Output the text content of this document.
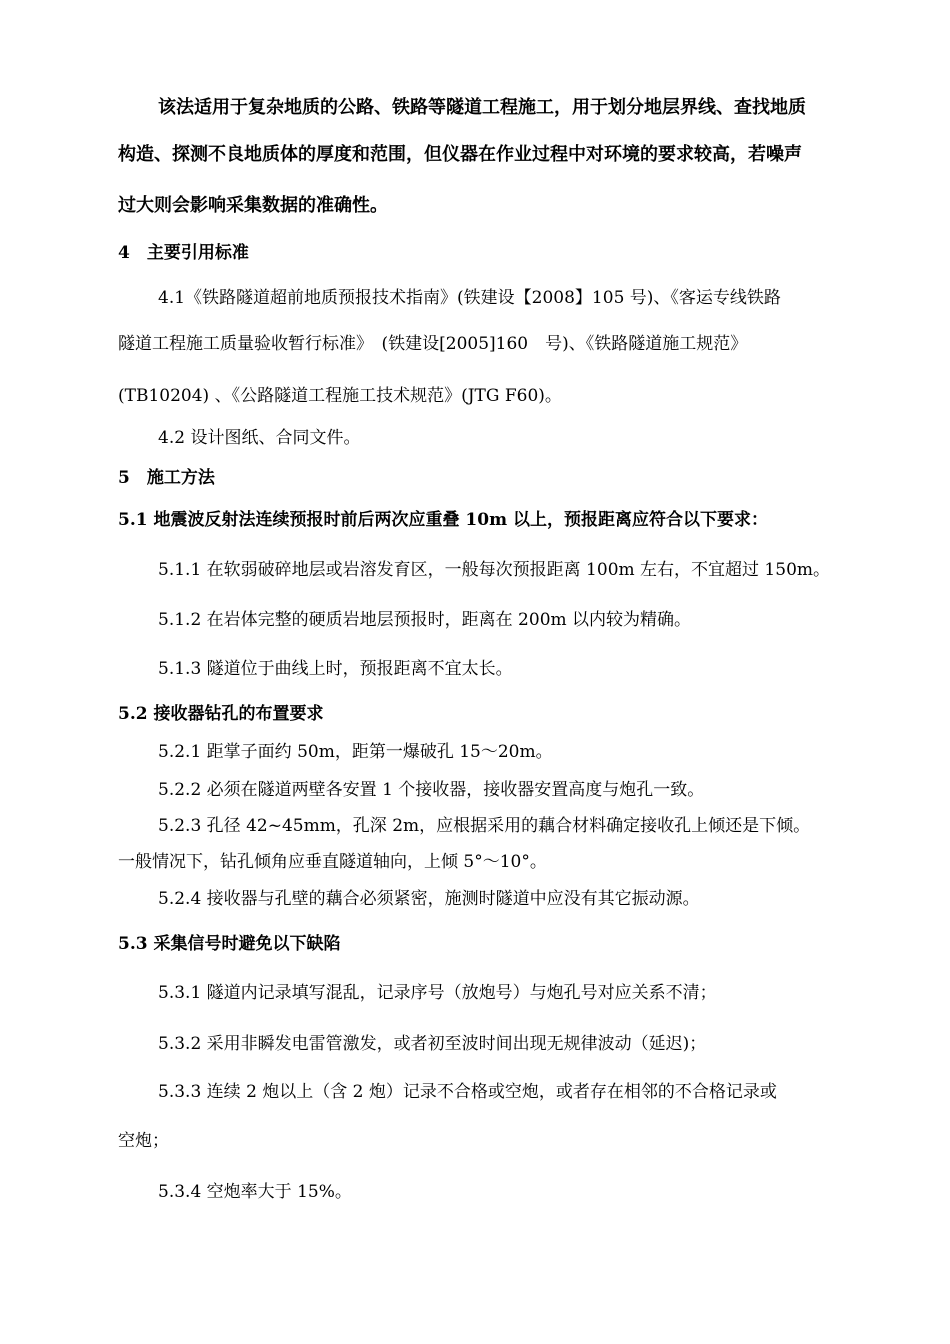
该法适用于复杂地质的公路、铁路等隧道工程施工，用于划分地层界线、查找地质
构造、探测不良地质体的厚度和范围，但仪器在作业过程中对环境的要求较高，若噪声
过大则会影响采集数据的准确性。
4　主要引用标准
4.1《铁路隧道超前地质预报技术指南》(铁建设【2008】105 号)、《客运专线铁路
隧道工程施工质量验收暂行标准》　(铁建设[2005]160　号)、《铁路隧道施工规范》
(TB10204) 、《公路隧道工程施工技术规范》(JTG F60)。
4.2 设计图纸、合同文件。
5　施工方法
5.1 地震波反射法连续预报时前后两次应重叠 10m 以上，预报距离应符合以下要求：
5.1.1 在软弱破碎地层或岩溶发育区，一般每次预报距离 100m 左右，不宜超过 150m。
5.1.2 在岩体完整的硬质岩地层预报时，距离在 200m 以内较为精确。
5.1.3 隧道位于曲线上时，预报距离不宜太长。
5.2 接收器钻孔的布置要求
5.2.1 距掌子面约 50m，距第一爆破孔 15～20m。
5.2.2 必须在隧道两壁各安置 1 个接收器，接收器安置高度与炮孔一致。
5.2.3 孔径 42~45mm，孔深 2m，应根据采用的藕合材料确定接收孔上倾还是下倾。
一般情况下，钻孔倾角应垂直隧道轴向，上倾 5°～10°。
5.2.4 接收器与孔壁的藕合必须紧密，施测时隧道中应没有其它振动源。
5.3 采集信号时避免以下缺陷
5.3.1 隧道内记录填写混乱，记录序号（放炮号）与炮孔号对应关系不清；
5.3.2 采用非瞬发电雷管激发，或者初至波时间出现无规律波动（延迟)；
5.3.3 连续 2 炮以上（含 2 炮）记录不合格或空炮，或者存在相邻的不合格记录或
空炮；
5.3.4 空炮率大于 15%。
